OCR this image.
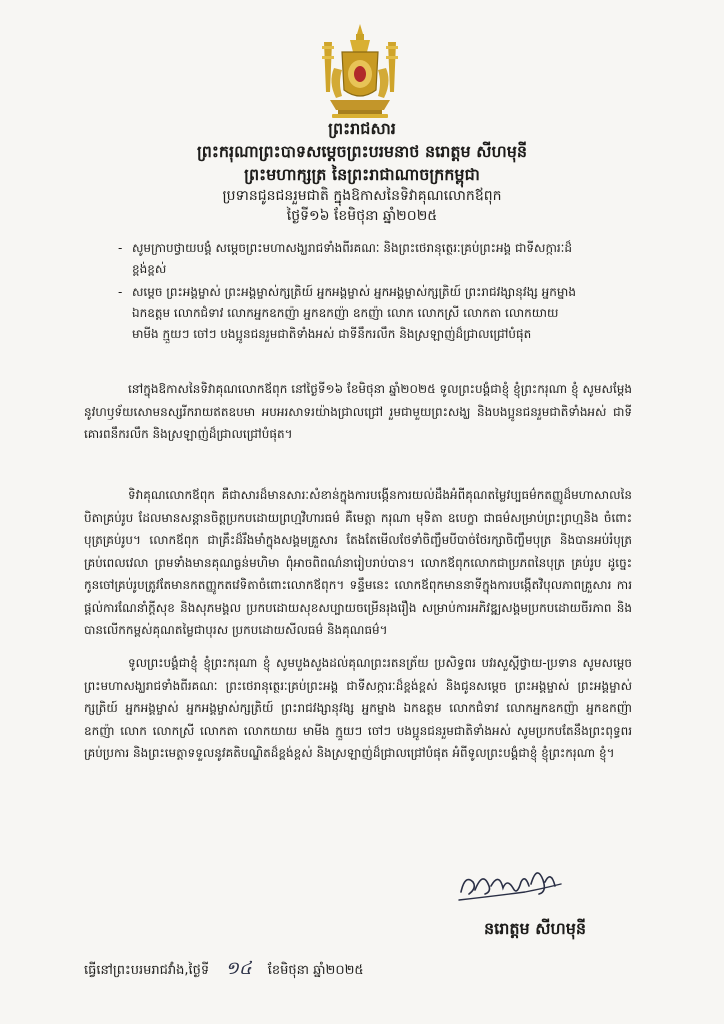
ព្រះរាជសារ
ព្រះករុណាព្រះបាទសម្តេចព្រះបរមនាថ នរោត្តម សីហមុនី
ព្រះមហាក្សត្រ នៃព្រះរាជាណាចក្រកម្ពុជា
ប្រទានជូនជនរួមជាតិ ក្នុងឱកាសនៃទិវាគុណលោកឪពុក
ថ្ងៃទី១៦ ខែមិថុនា ឆ្នាំ២០២៥
- សូមក្រាបថ្វាយបង្គំ សម្តេចព្រះមហាសង្ឃរាជទាំងពីរគណៈ និងព្រះថេរានុត្ថេរៈគ្រប់ព្រះអង្គ ជាទីសក្ការៈដ៏ខ្ពង់ខ្ពស់
- សម្តេច ព្រះអង្គម្ចាស់ ព្រះអង្គម្ចាស់ក្សត្រិយ៍ អ្នកអង្គម្ចាស់ អ្នកអង្គម្ចាស់ក្សត្រិយ៍ ព្រះរាជវង្សានុវង្ស អ្នកម្នាង ឯកឧត្តម លោកជំទាវ លោកអ្នកឧកញ៉ា អ្នកឧកញ៉ា ឧកញ៉ា លោក លោកស្រី លោកតា លោកយាយ មាមីង ក្មួយៗ ចៅៗ បងប្អូនជនរួមជាតិទាំងអស់ ជាទីនឹករលឹក និងស្រឡាញ់ដ៏ជ្រាលជ្រៅបំផុត
នៅក្នុងឱកាសនៃទិវាគុណលោកឪពុក នៅថ្ងៃទី១៦ ខែមិថុនា ឆ្នាំ២០២៥ ទូលព្រះបង្គំជាខ្ញុំ ខ្ញុំព្រះករុណា ខ្ញុំ សូមសម្តែងនូវហឫទ័យសោមនស្សរីករាយឥតឧបមា អបអរសាទរយ៉ាងជ្រាលជ្រៅ រួមជាមួយព្រះសង្ឃ និងបងប្អូនជនរួមជាតិទាំងអស់ ជាទីគោរពនឹករលឹក និងស្រឡាញ់ដ៏ជ្រាលជ្រៅបំផុត។
ទិវាគុណលោកឪពុក គឺជាសារដ៏មានសារៈសំខាន់ក្នុងការបង្កើនការយល់ដឹងអំពីគុណតម្លៃវប្បធម៌កតញ្ញូដ៏មហាសាលនៃបិតាគ្រប់រូប ដែលមានសន្តានចិត្តប្រកបដោយព្រហ្មវិហារធម៌ គឺមេត្តា ករុណា មុទិតា ឧបេក្ខា ជាធម៌សម្រាប់ព្រះព្រហ្មនិង ចំពោះបុត្រគ្រប់រូប។ លោកឪពុក ជាគ្រឹះដ៏រឹងមាំក្នុងសង្គមគ្រួសារ តែងតែមើលថែទាំចិញ្ចឹមបីបាច់ថែរក្សាចិញ្ចឹមបុត្រ និងបានអប់រំបុត្រគ្រប់ពេលវេលា ព្រមទាំងមានគុណធ្ងន់មហិមា ពុំអាចពិពណ៌នារៀបរាប់បាន។ លោកឪពុកលោកជាប្រភពនៃបុត្រ គ្រប់រូប ដូច្នេះកូនចៅគ្រប់រូបត្រូវតែមានកតញ្ញូកតវេទិតាចំពោះលោកឪពុក។ ទន្ទឹមនេះ លោកឪពុកមាននាទីក្នុងការបង្កើតវិបុលភាពគ្រួសារ ការផ្តល់ការណែនាំក្តីសុខ និងសុភមង្គល ប្រកបដោយសុខសប្បាយចម្រើនរុងរឿង សម្រាប់ការអភិវឌ្ឍសង្គមប្រកបដោយចីរភាព និងបានលើកកម្ពស់គុណតម្លៃជាបុរស ប្រកបដោយសីលធម៌ និងគុណធម៌។
ទូលព្រះបង្គំជាខ្ញុំ ខ្ញុំព្រះករុណា ខ្ញុំ សូមបួងសួងដល់គុណព្រះរតនត្រ័យ ប្រសិទ្ធពរ បវរសួស្តីថ្វាយ-ប្រទាន សូមសម្តេចព្រះមហាសង្ឃរាជទាំងពីរគណៈ ព្រះថេរានុត្ថេរៈគ្រប់ព្រះអង្គ ជាទីសក្ការៈដ៏ខ្ពង់ខ្ពស់ និងជូនសម្តេច ព្រះអង្គម្ចាស់ ព្រះអង្គម្ចាស់ក្សត្រិយ៍ អ្នកអង្គម្ចាស់ អ្នកអង្គម្ចាស់ក្សត្រិយ៍ ព្រះរាជវង្សានុវង្ស អ្នកម្នាង ឯកឧត្តម លោកជំទាវ លោកអ្នកឧកញ៉ា អ្នកឧកញ៉ា ឧកញ៉ា លោក លោកស្រី លោកតា លោកយាយ មាមីង ក្មួយៗ ចៅៗ បងប្អូនជនរួមជាតិទាំងអស់ សូមប្រកបតែនឹងព្រះពុទ្ធពរគ្រប់ប្រការ និងព្រះមេត្តាទទួលនូវគតិបណ្ឌិតដ៏ខ្ពង់ខ្ពស់ និងស្រឡាញ់ដ៏ជ្រាលជ្រៅបំផុត អំពីទូលព្រះបង្គំជាខ្ញុំ ខ្ញុំព្រះករុណា ខ្ញុំ។
នរោត្តម សីហមុនី
ធ្វើនៅព្រះបរមរាជវាំង,ថ្ងៃទី ១៤ ខែមិថុនា ឆ្នាំ២០២៥
